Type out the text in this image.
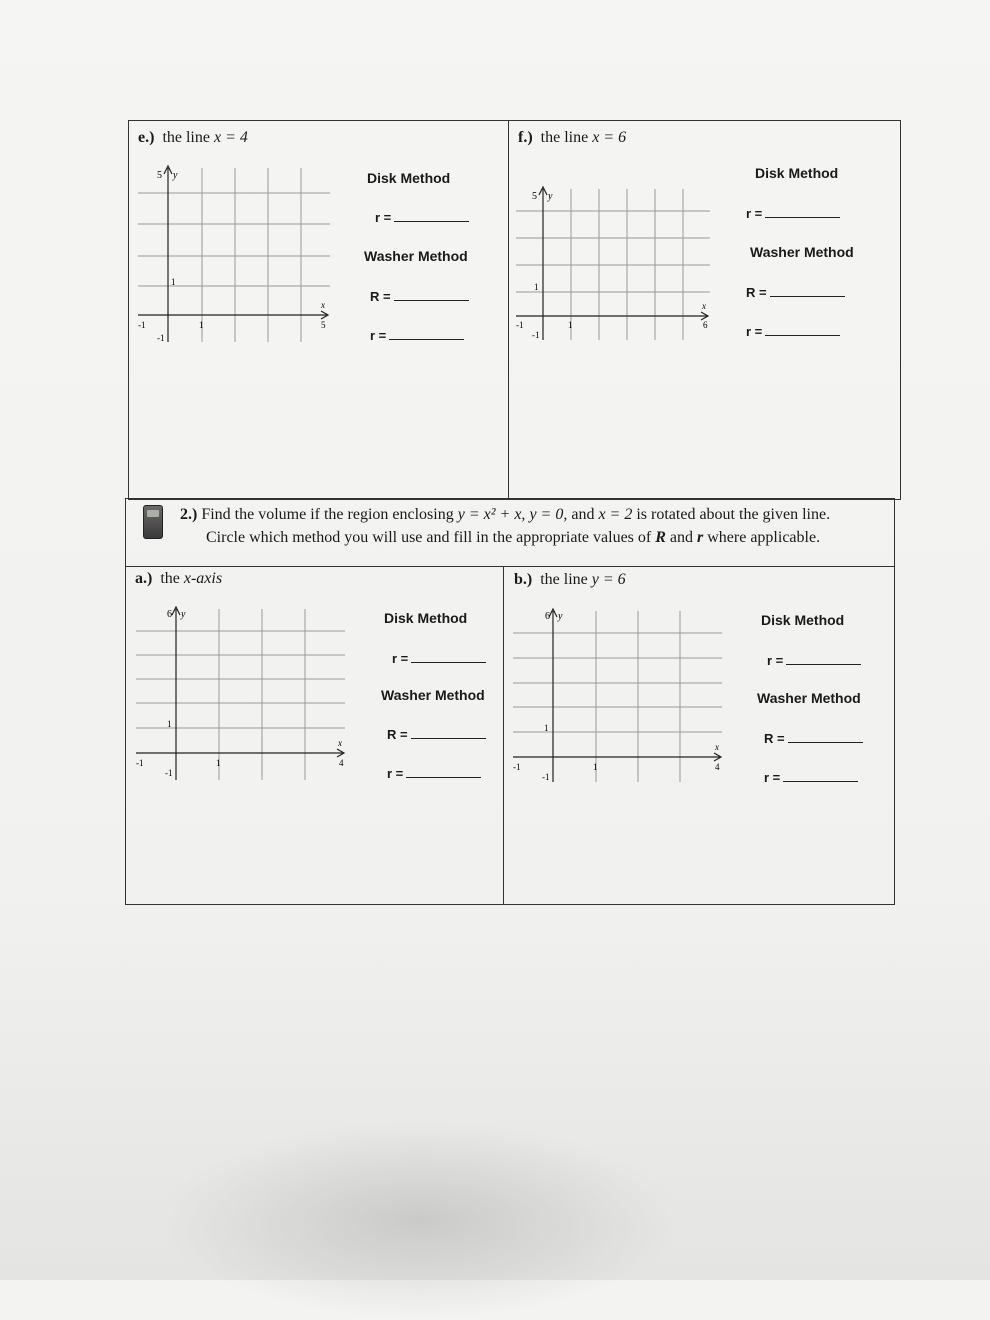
e.) the line x = 4
5 y
x
5
1
-1	1
-1
Disk Method
r =
Washer Method
R =
r =
f.) the line x = 6
5 y
x
6
1
-1	1
-1
Disk Method
r =
Washer Method
R =
r =
2.) Find the volume if the region enclosing y = x² + x, y = 0, and x = 2 is rotated about the given line.
Circle which method you will use and fill in the appropriate values of R and r where applicable.
a.) the x-axis
6 y
x
4
1
-1	1
-1
Disk Method
r =
Washer Method
R =
r =
b.) the line y = 6
6 y
x
4
1
-1	1
-1
Disk Method
r =
Washer Method
R =
r =
